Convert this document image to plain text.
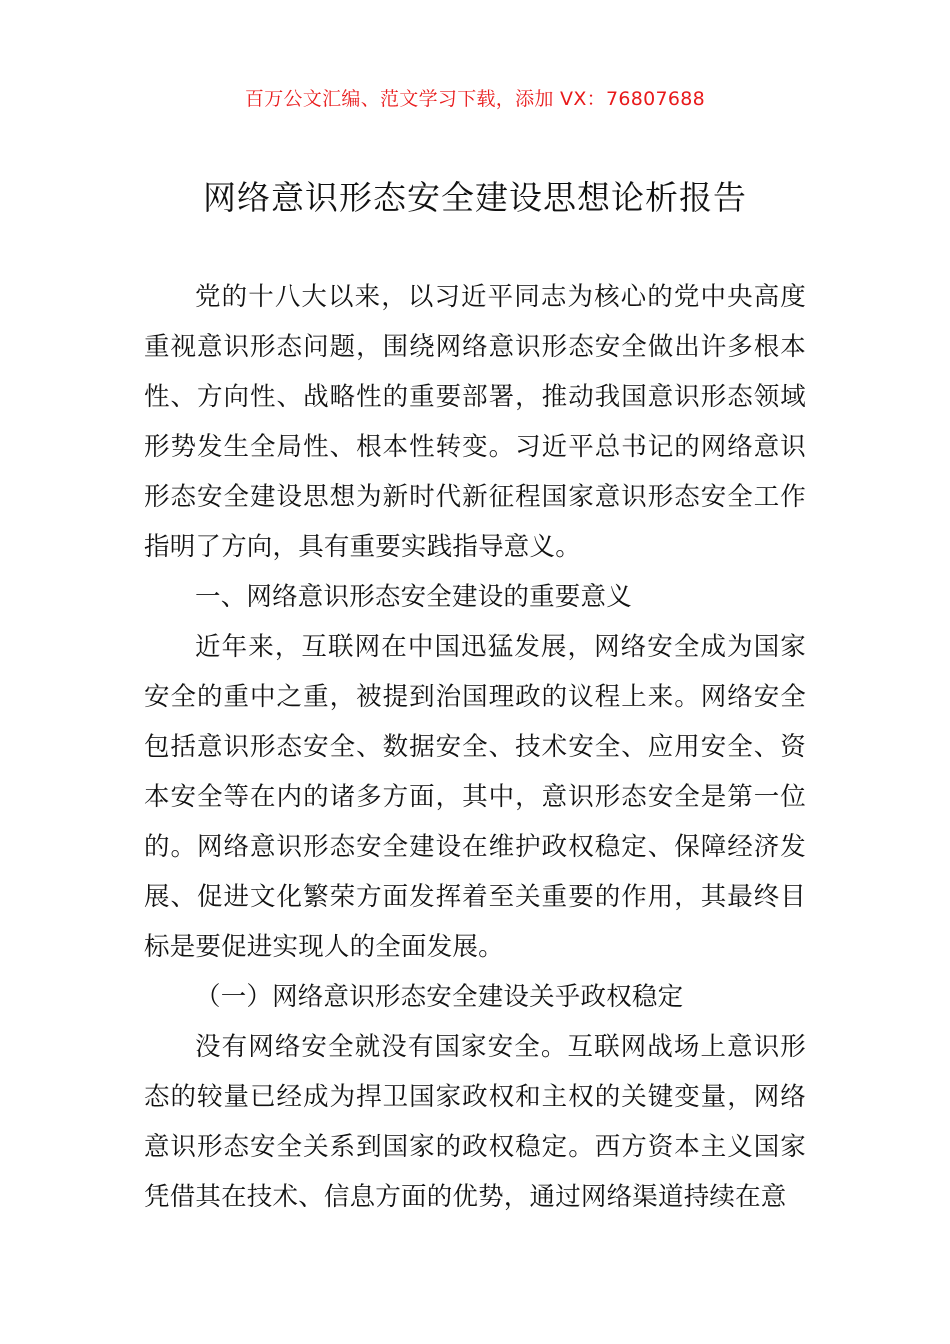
百万公文汇编、范文学习下载，添加 VX：76807688
网络意识形态安全建设思想论析报告

党的十八大以来，以习近平同志为核心的党中央高度重视意识形态问题，围绕网络意识形态安全做出许多根本性、方向性、战略性的重要部署，推动我国意识形态领域形势发生全局性、根本性转变。习近平总书记的网络意识形态安全建设思想为新时代新征程国家意识形态安全工作指明了方向，具有重要实践指导意义。

一、网络意识形态安全建设的重要意义

近年来，互联网在中国迅猛发展，网络安全成为国家安全的重中之重，被提到治国理政的议程上来。网络安全包括意识形态安全、数据安全、技术安全、应用安全、资本安全等在内的诸多方面，其中，意识形态安全是第一位的。网络意识形态安全建设在维护政权稳定、保障经济发展、促进文化繁荣方面发挥着至关重要的作用，其最终目标是要促进实现人的全面发展。

（一）网络意识形态安全建设关乎政权稳定

没有网络安全就没有国家安全。互联网战场上意识形态的较量已经成为捍卫国家政权和主权的关键变量，网络意识形态安全关系到国家的政权稳定。西方资本主义国家凭借其在技术、信息方面的优势，通过网络渠道持续在意
